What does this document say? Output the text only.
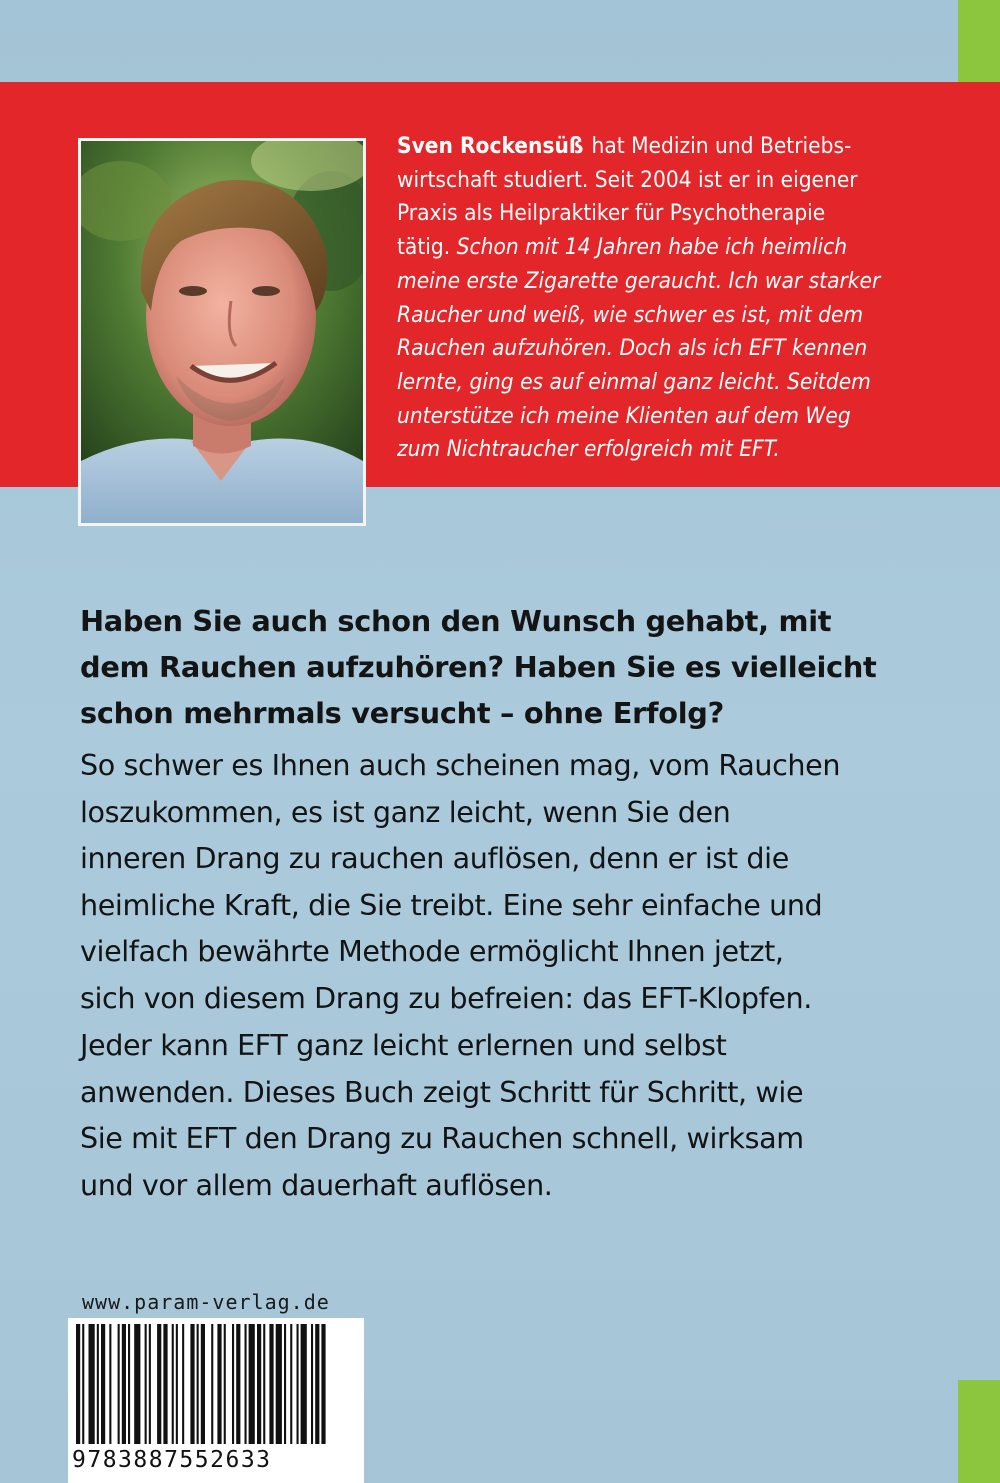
Sven Rockensüß hat Medizin und Betriebs-
wirtschaft studiert. Seit 2004 ist er in eigener
Praxis als Heilpraktiker für Psychotherapie
tätig. Schon mit 14 Jahren habe ich heimlich
meine erste Zigarette geraucht. Ich war starker
Raucher und weiß, wie schwer es ist, mit dem
Rauchen aufzuhören. Doch als ich EFT kennen
lernte, ging es auf einmal ganz leicht. Seitdem
unterstütze ich meine Klienten auf dem Weg
zum Nichtraucher erfolgreich mit EFT.
Haben Sie auch schon den Wunsch gehabt, mit
dem Rauchen aufzuhören? Haben Sie es vielleicht
schon mehrmals versucht – ohne Erfolg?
So schwer es Ihnen auch scheinen mag, vom Rauchen
loszukommen, es ist ganz leicht, wenn Sie den
inneren Drang zu rauchen auflösen, denn er ist die
heimliche Kraft, die Sie treibt. Eine sehr einfache und
vielfach bewährte Methode ermöglicht Ihnen jetzt,
sich von diesem Drang zu befreien: das EFT-Klopfen.
Jeder kann EFT ganz leicht erlernen und selbst
anwenden. Dieses Buch zeigt Schritt für Schritt, wie
Sie mit EFT den Drang zu Rauchen schnell, wirksam
und vor allem dauerhaft auflösen.
www.param-verlag.de
9783887552633
